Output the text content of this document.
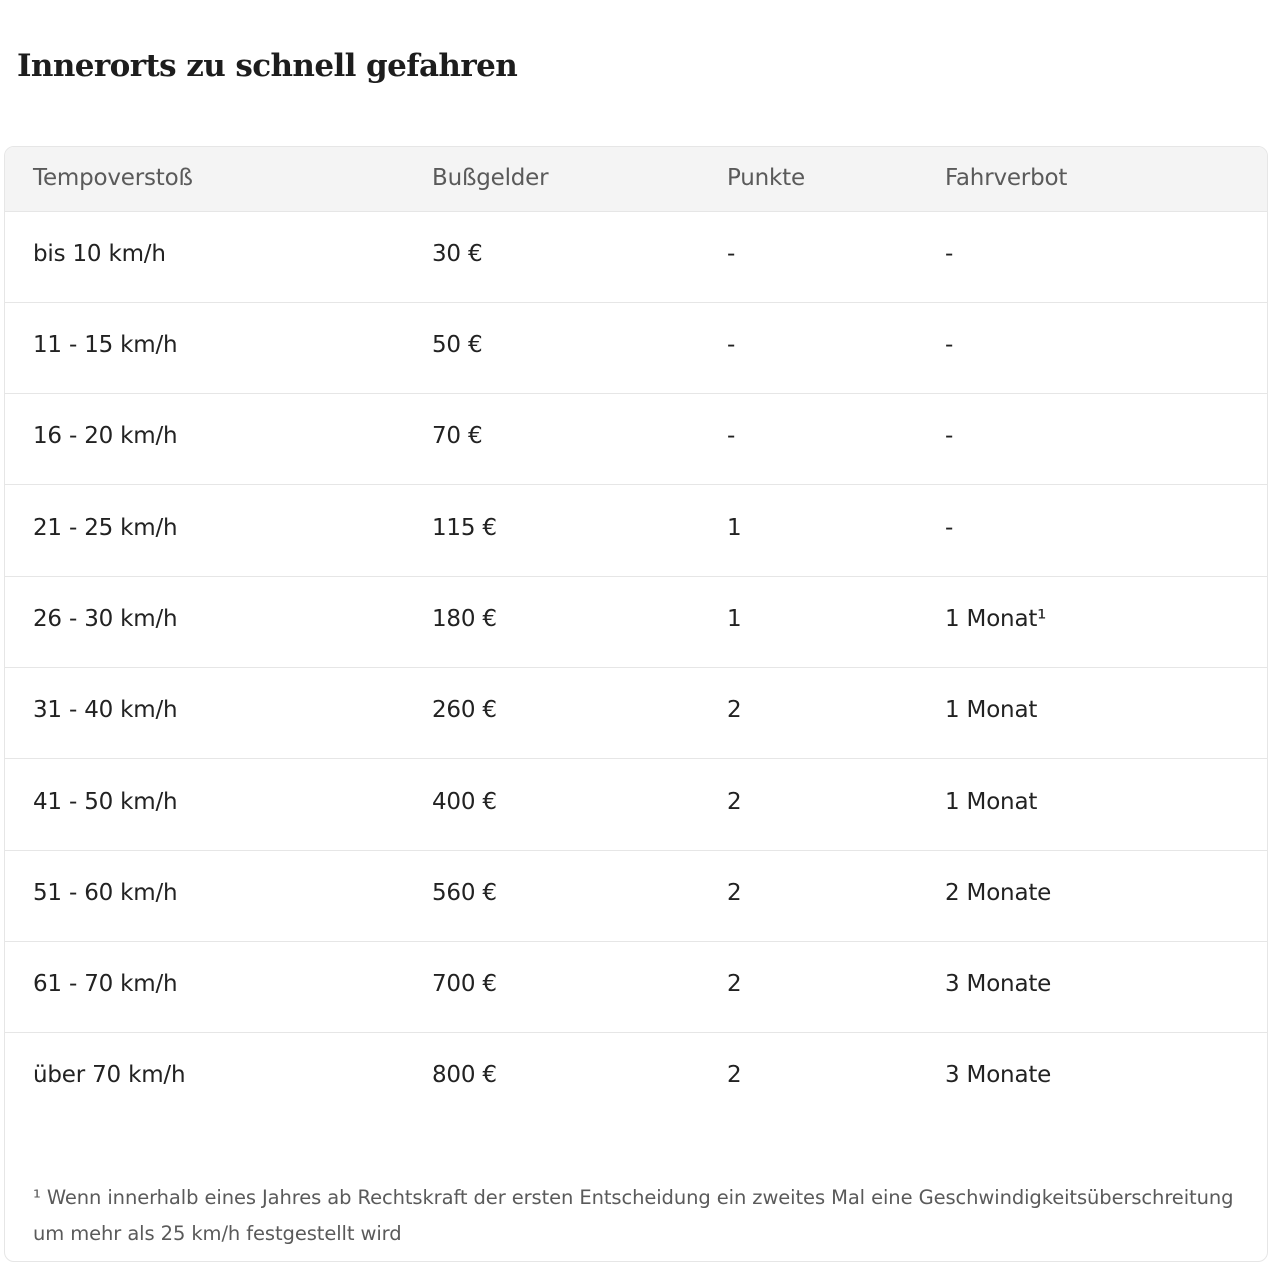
Innerorts zu schnell gefahren
Tempoverstoß	Bußgelder	Punkte	Fahrverbot
bis 10 km/h	30 €	-	-
11 - 15 km/h	50 €	-	-
16 - 20 km/h	70 €	-	-
21 - 25 km/h	115 €	1	-
26 - 30 km/h	180 €	1	1 Monat¹
31 - 40 km/h	260 €	2	1 Monat
41 - 50 km/h	400 €	2	1 Monat
51 - 60 km/h	560 €	2	2 Monate
61 - 70 km/h	700 €	2	3 Monate
über 70 km/h	800 €	2	3 Monate
¹ Wenn innerhalb eines Jahres ab Rechtskraft der ersten Entscheidung ein zweites Mal eine Geschwindigkeitsüberschreitung um mehr als 25 km/h festgestellt wird
